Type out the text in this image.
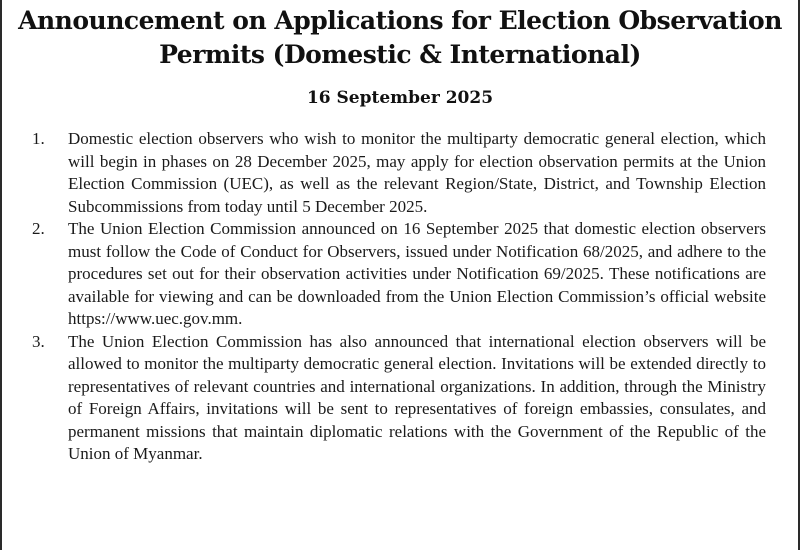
Announcement on Applications for Election Observation Permits (Domestic & International)

16 September 2025

1. Domestic election observers who wish to monitor the multiparty democratic general election, which will begin in phases on 28 December 2025, may apply for election observation permits at the Union Election Commission (UEC), as well as the relevant Region/State, District, and Township Election Subcommissions from today until 5 December 2025.
2. The Union Election Commission announced on 16 September 2025 that domestic election observers must follow the Code of Conduct for Observers, issued under Notification 68/2025, and adhere to the procedures set out for their observation activities under Notification 69/2025. These notifications are available for viewing and can be downloaded from the Union Election Commission’s official website https://www.uec.gov.mm.
3. The Union Election Commission has also announced that international election observers will be allowed to monitor the multiparty democratic general election. Invitations will be extended directly to representatives of relevant countries and international organizations. In addition, through the Ministry of Foreign Affairs, invitations will be sent to representatives of foreign embassies, consulates, and permanent missions that maintain diplomatic relations with the Government of the Republic of the Union of Myanmar.
